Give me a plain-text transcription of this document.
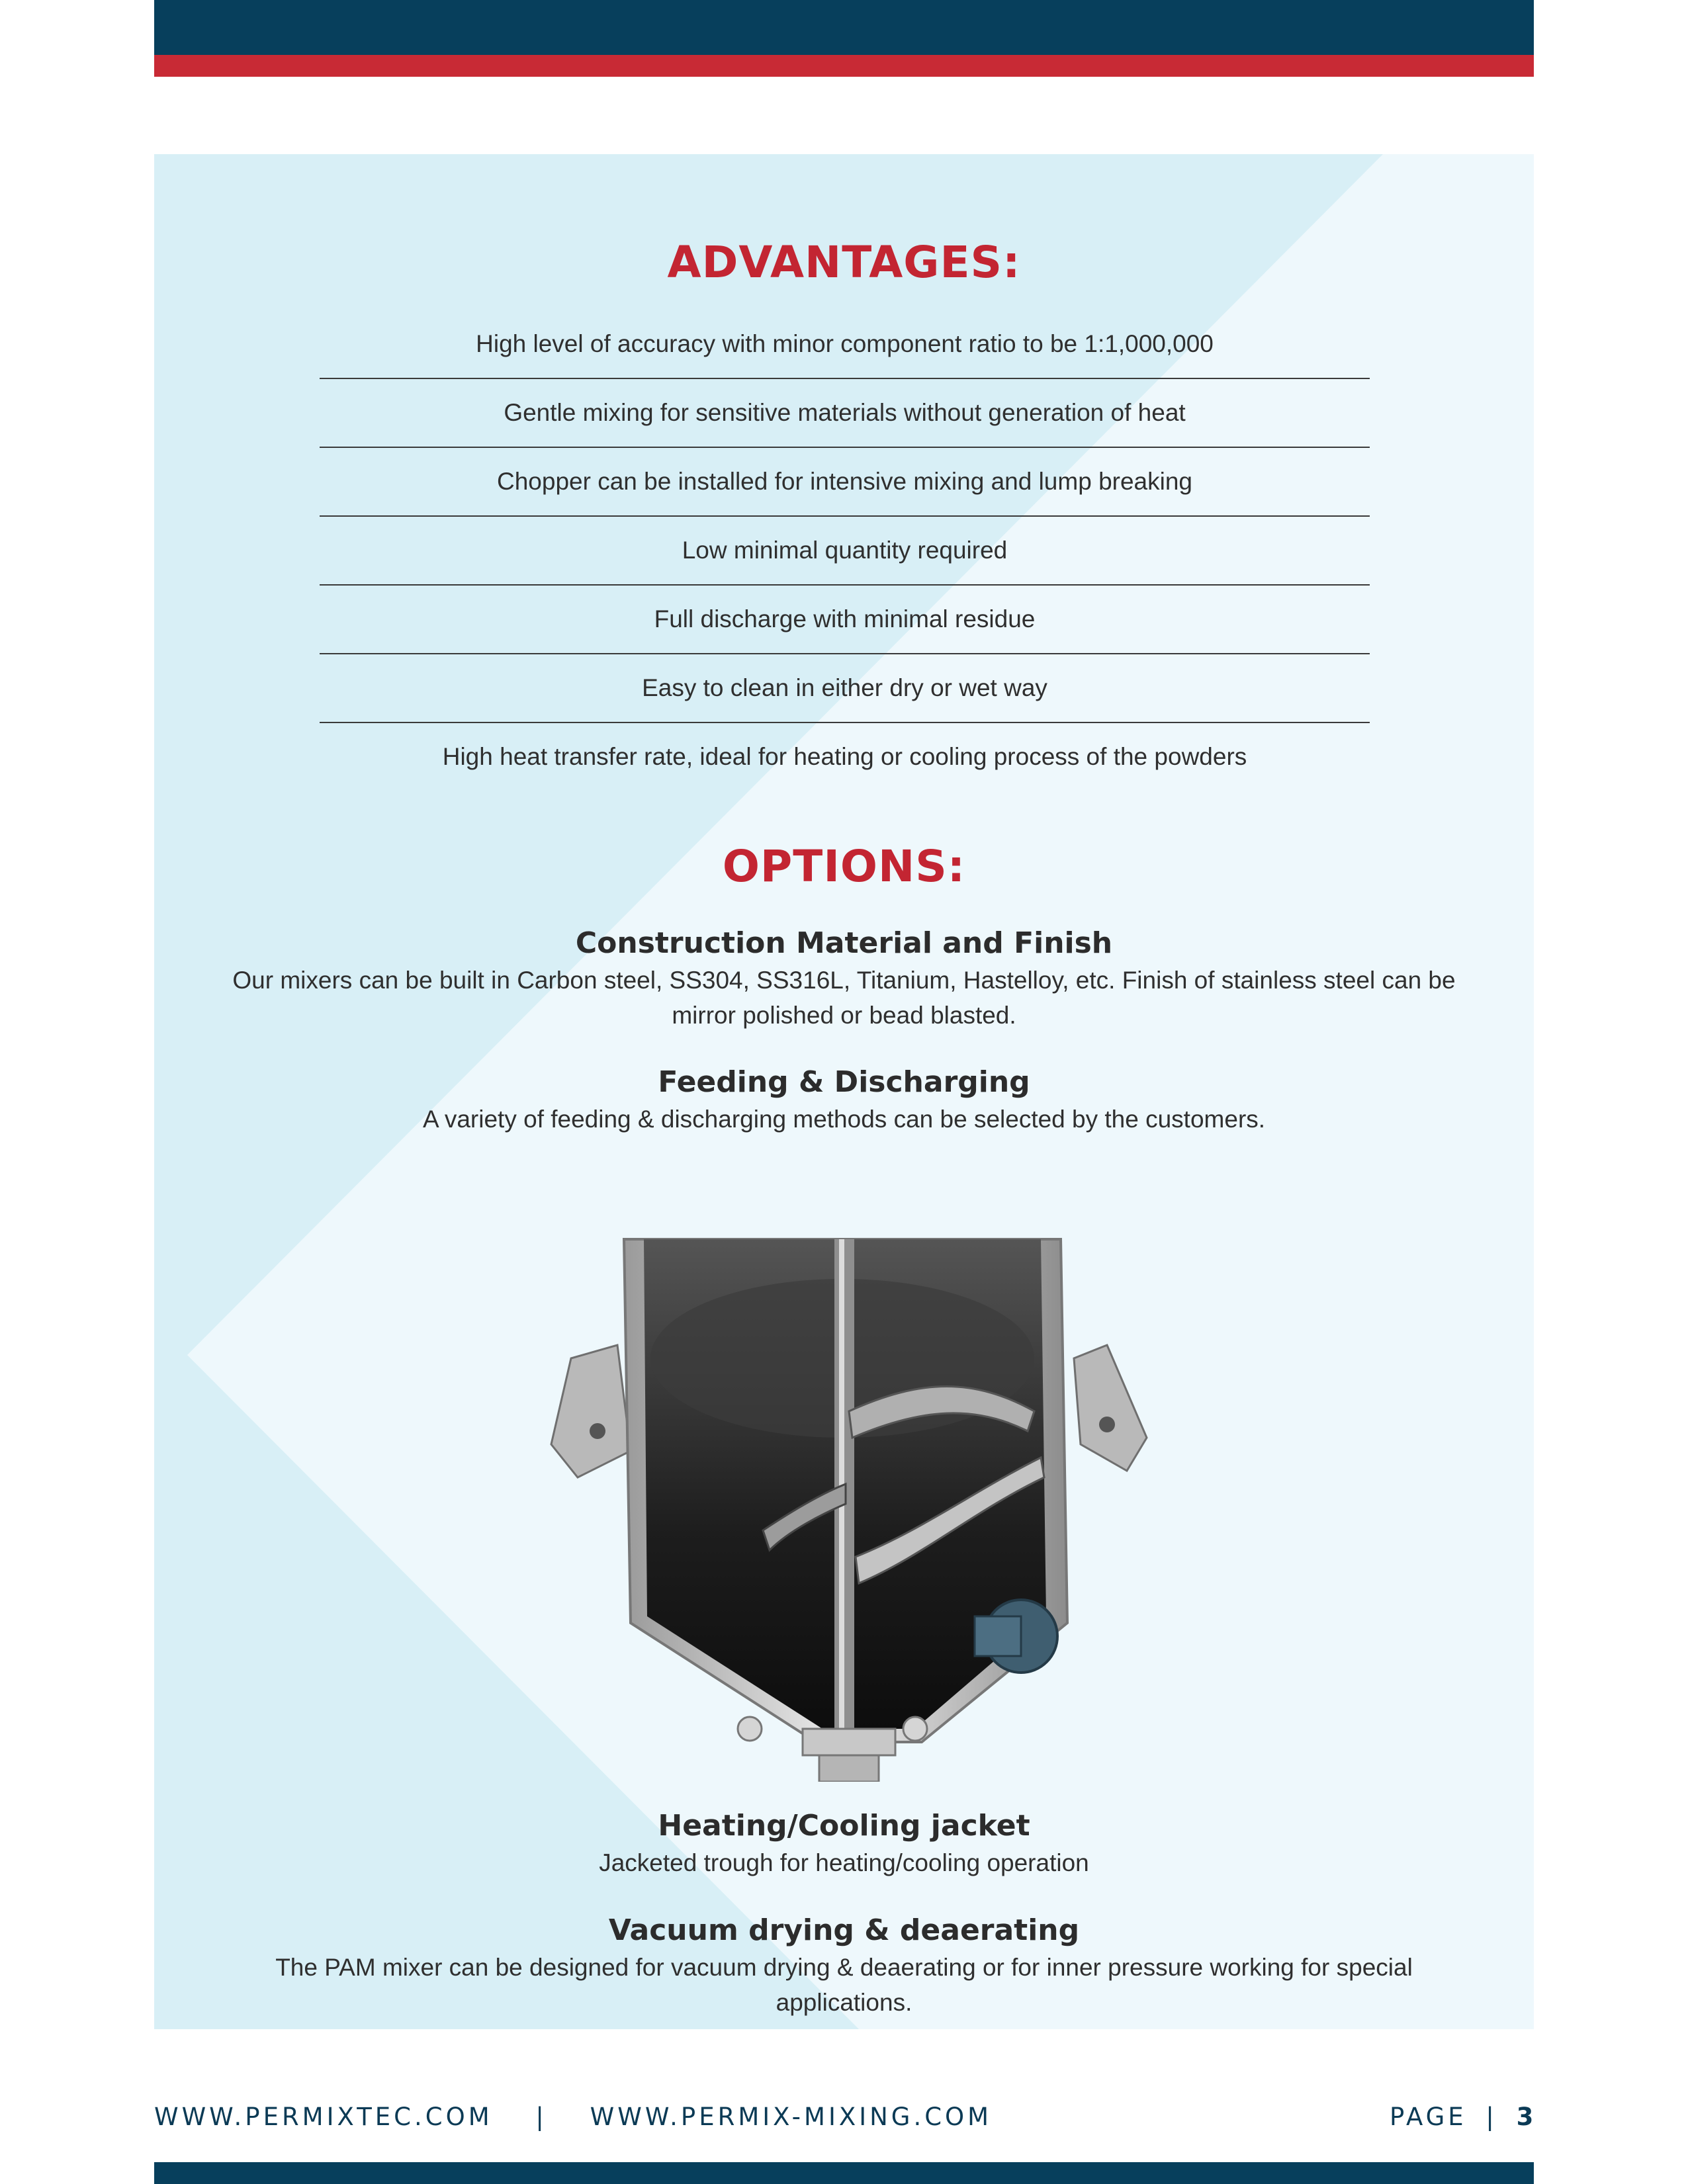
ADVANTAGES:
High level of accuracy with minor component ratio to be 1:1,000,000
Gentle mixing for sensitive materials without generation of heat
Chopper can be installed for intensive mixing and lump breaking
Low minimal quantity required
Full discharge with minimal residue
Easy to clean in either dry or wet way
High heat transfer rate, ideal for heating or cooling process of the powders
OPTIONS:
Construction Material and Finish

Our mixers can be built in Carbon steel, SS304, SS316L, Titanium, Hastelloy, etc. Finish of stainless steel can be mirror polished or bead blasted.

Feeding & Discharging

A variety of feeding & discharging methods can be selected by the customers.

Heating/Cooling jacket

Jacketed trough for heating/cooling operation

Vacuum drying & deaerating

The PAM mixer can be designed for vacuum drying & deaerating or for inner pressure working for special applications.

WWW.PERMIXTEC.COM | WWW.PERMIX-MIXING.COM	PAGE | 3
